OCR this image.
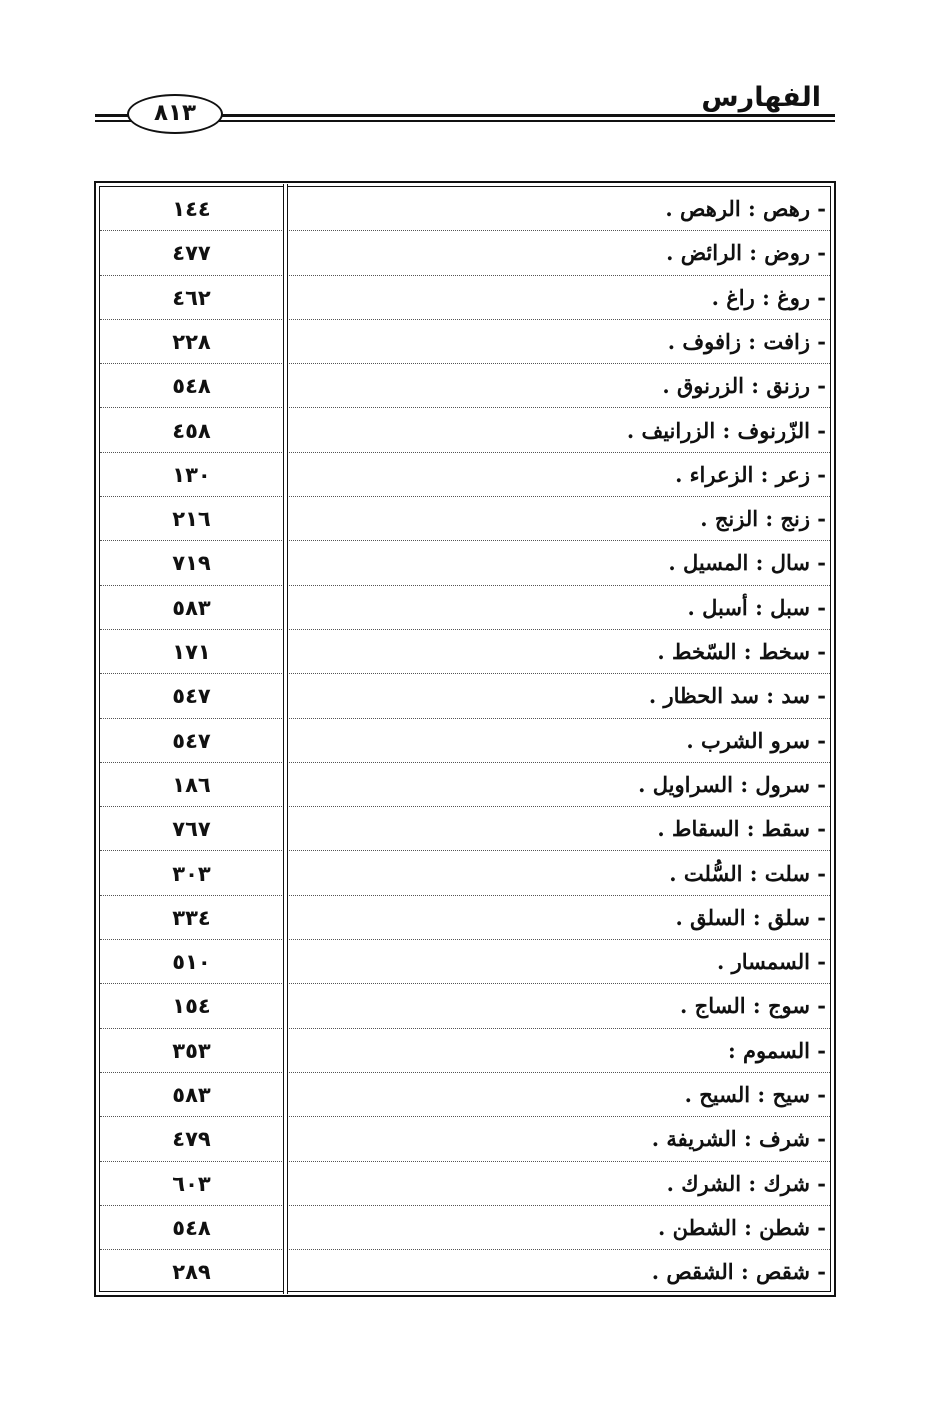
الفهارس
٨١٣
١٤٤	- رهص : الرهص .
٤٧٧	- روض : الرائض .
٤٦٢	- روغ : راغ .
٢٢٨	- زافت : زافوف .
٥٤٨	- رزنق : الزرنوق .
٤٥٨	- الزّرنوف : الزرانيف .
١٣٠	- زعر : الزعراء .
٢١٦	- زنج : الزنج .
٧١٩	- سال : المسيل .
٥٨٣	- سبل : أسبل .
١٧١	- سخط : السّخط .
٥٤٧	- سد : سد الحظار .
٥٤٧	- سرو الشرب .
١٨٦	- سرول : السراويل .
٧٦٧	- سقط : السقاط .
٣٠٣	- سلت : السُّلت .
٣٣٤	- سلق : السلق .
٥١٠	- السمسار .
١٥٤	- سوج : الساج .
٣٥٣	- السموم :
٥٨٣	- سيح : السيح .
٤٧٩	- شرف : الشريفة .
٦٠٣	- شرك : الشرك .
٥٤٨	- شطن : الشطن .
٢٨٩	- شقص : الشقص .
